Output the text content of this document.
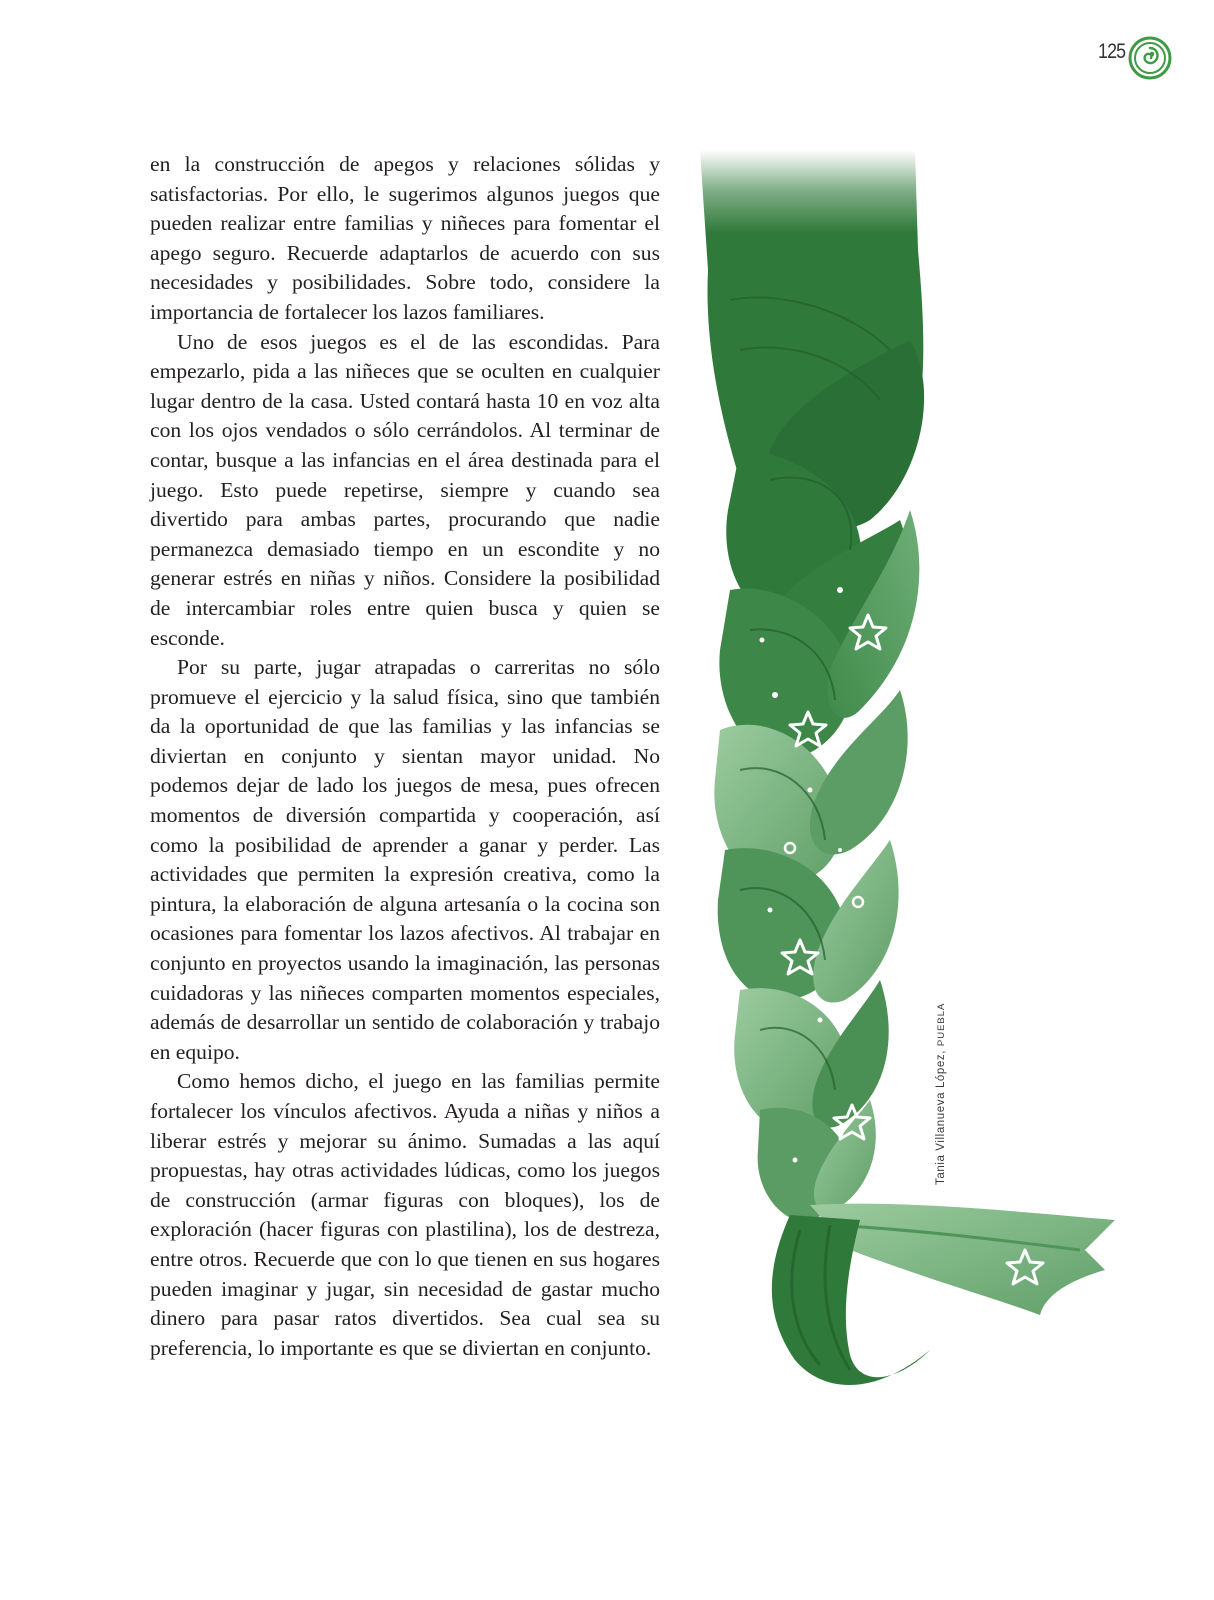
125

en la construcción de apegos y relaciones sólidas y satisfactorias. Por ello, le sugerimos algunos juegos que pueden realizar entre familias y niñeces para fomentar el apego seguro. Recuerde adaptarlos de acuerdo con sus necesidades y posibilidades. Sobre todo, considere la importancia de fortalecer los lazos familiares.

Uno de esos juegos es el de las escondidas. Para empezarlo, pida a las niñeces que se oculten en cualquier lugar dentro de la casa. Usted contará hasta 10 en voz alta con los ojos vendados o sólo cerrándolos. Al terminar de contar, busque a las infancias en el área destinada para el juego. Esto puede repetirse, siempre y cuando sea divertido para ambas partes, procurando que nadie permanezca demasiado tiempo en un escondite y no generar estrés en niñas y niños. Considere la posibilidad de intercambiar roles entre quien busca y quien se esconde.

Por su parte, jugar atrapadas o carreritas no sólo promueve el ejercicio y la salud física, sino que también da la oportunidad de que las familias y las infancias se diviertan en conjunto y sientan mayor unidad. No podemos dejar de lado los juegos de mesa, pues ofrecen momentos de diversión compartida y cooperación, así como la posibilidad de aprender a ganar y perder. Las actividades que permiten la expresión creativa, como la pintura, la elaboración de alguna artesanía o la cocina son ocasiones para fomentar los lazos afectivos. Al trabajar en conjunto en proyectos usando la imaginación, las personas cuidadoras y las niñeces comparten momentos especiales, además de desarrollar un sentido de colaboración y trabajo en equipo.

Como hemos dicho, el juego en las familias permite fortalecer los vínculos afectivos. Ayuda a niñas y niños a liberar estrés y mejorar su ánimo. Sumadas a las aquí propuestas, hay otras actividades lúdicas, como los juegos de construcción (armar figuras con bloques), los de exploración (hacer figuras con plastilina), los de destreza, entre otros. Recuerde que con lo que tienen en sus hogares pueden imaginar y jugar, sin necesidad de gastar mucho dinero para pasar ratos divertidos. Sea cual sea su preferencia, lo importante es que se diviertan en conjunto.

Tania Villanueva López, PUEBLA
